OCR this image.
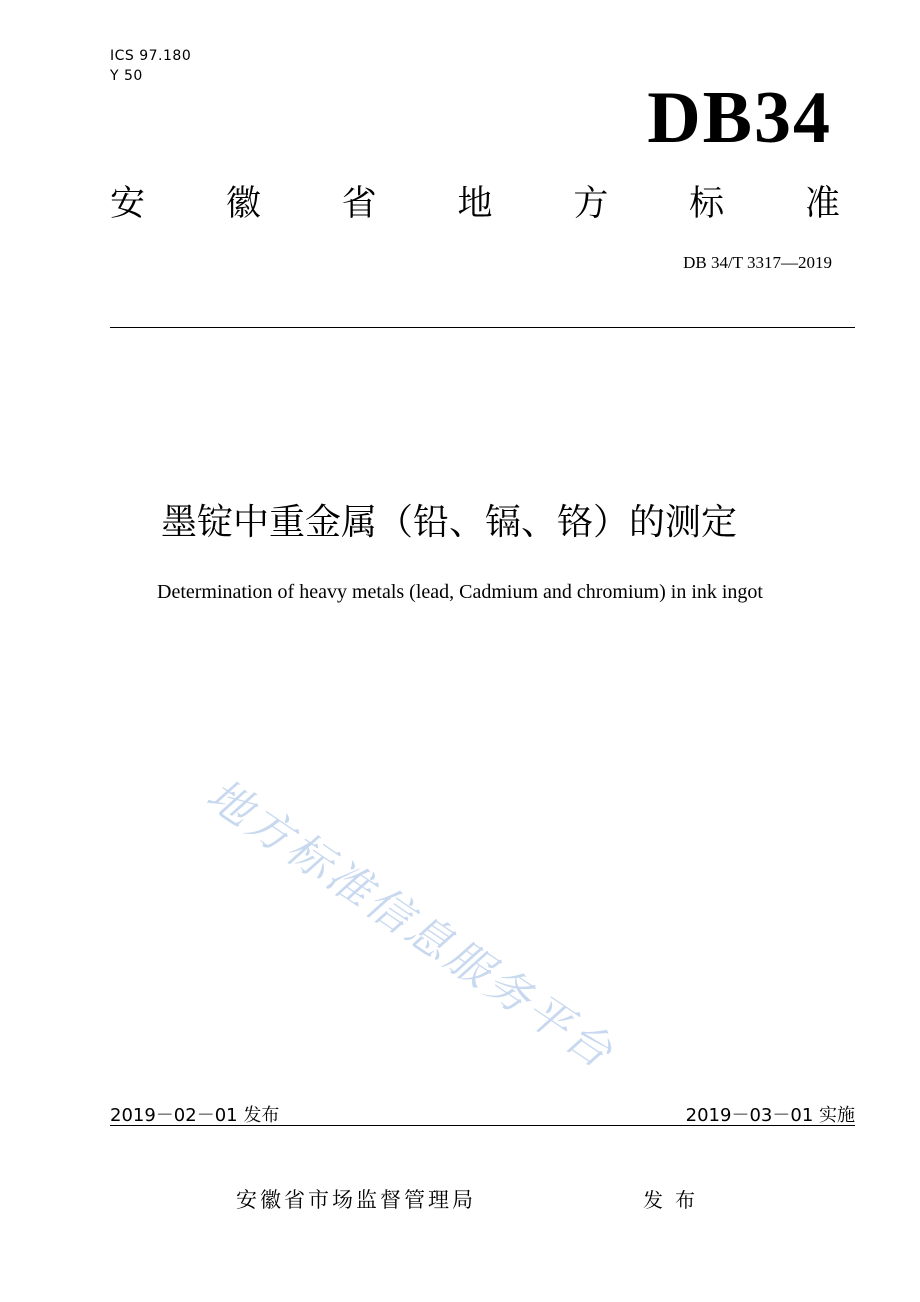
ICS 97.180
Y 50
DB34
安 徽 省 地 方 标 准
DB 34/T 3317—2019
墨锭中重金属（铅、镉、铬）的测定
Determination of heavy metals (lead, Cadmium and chromium) in ink ingot
地方标准信息服务平台
2019－02－01 发布	2019－03－01 实施
安徽省市场监督管理局	发布
